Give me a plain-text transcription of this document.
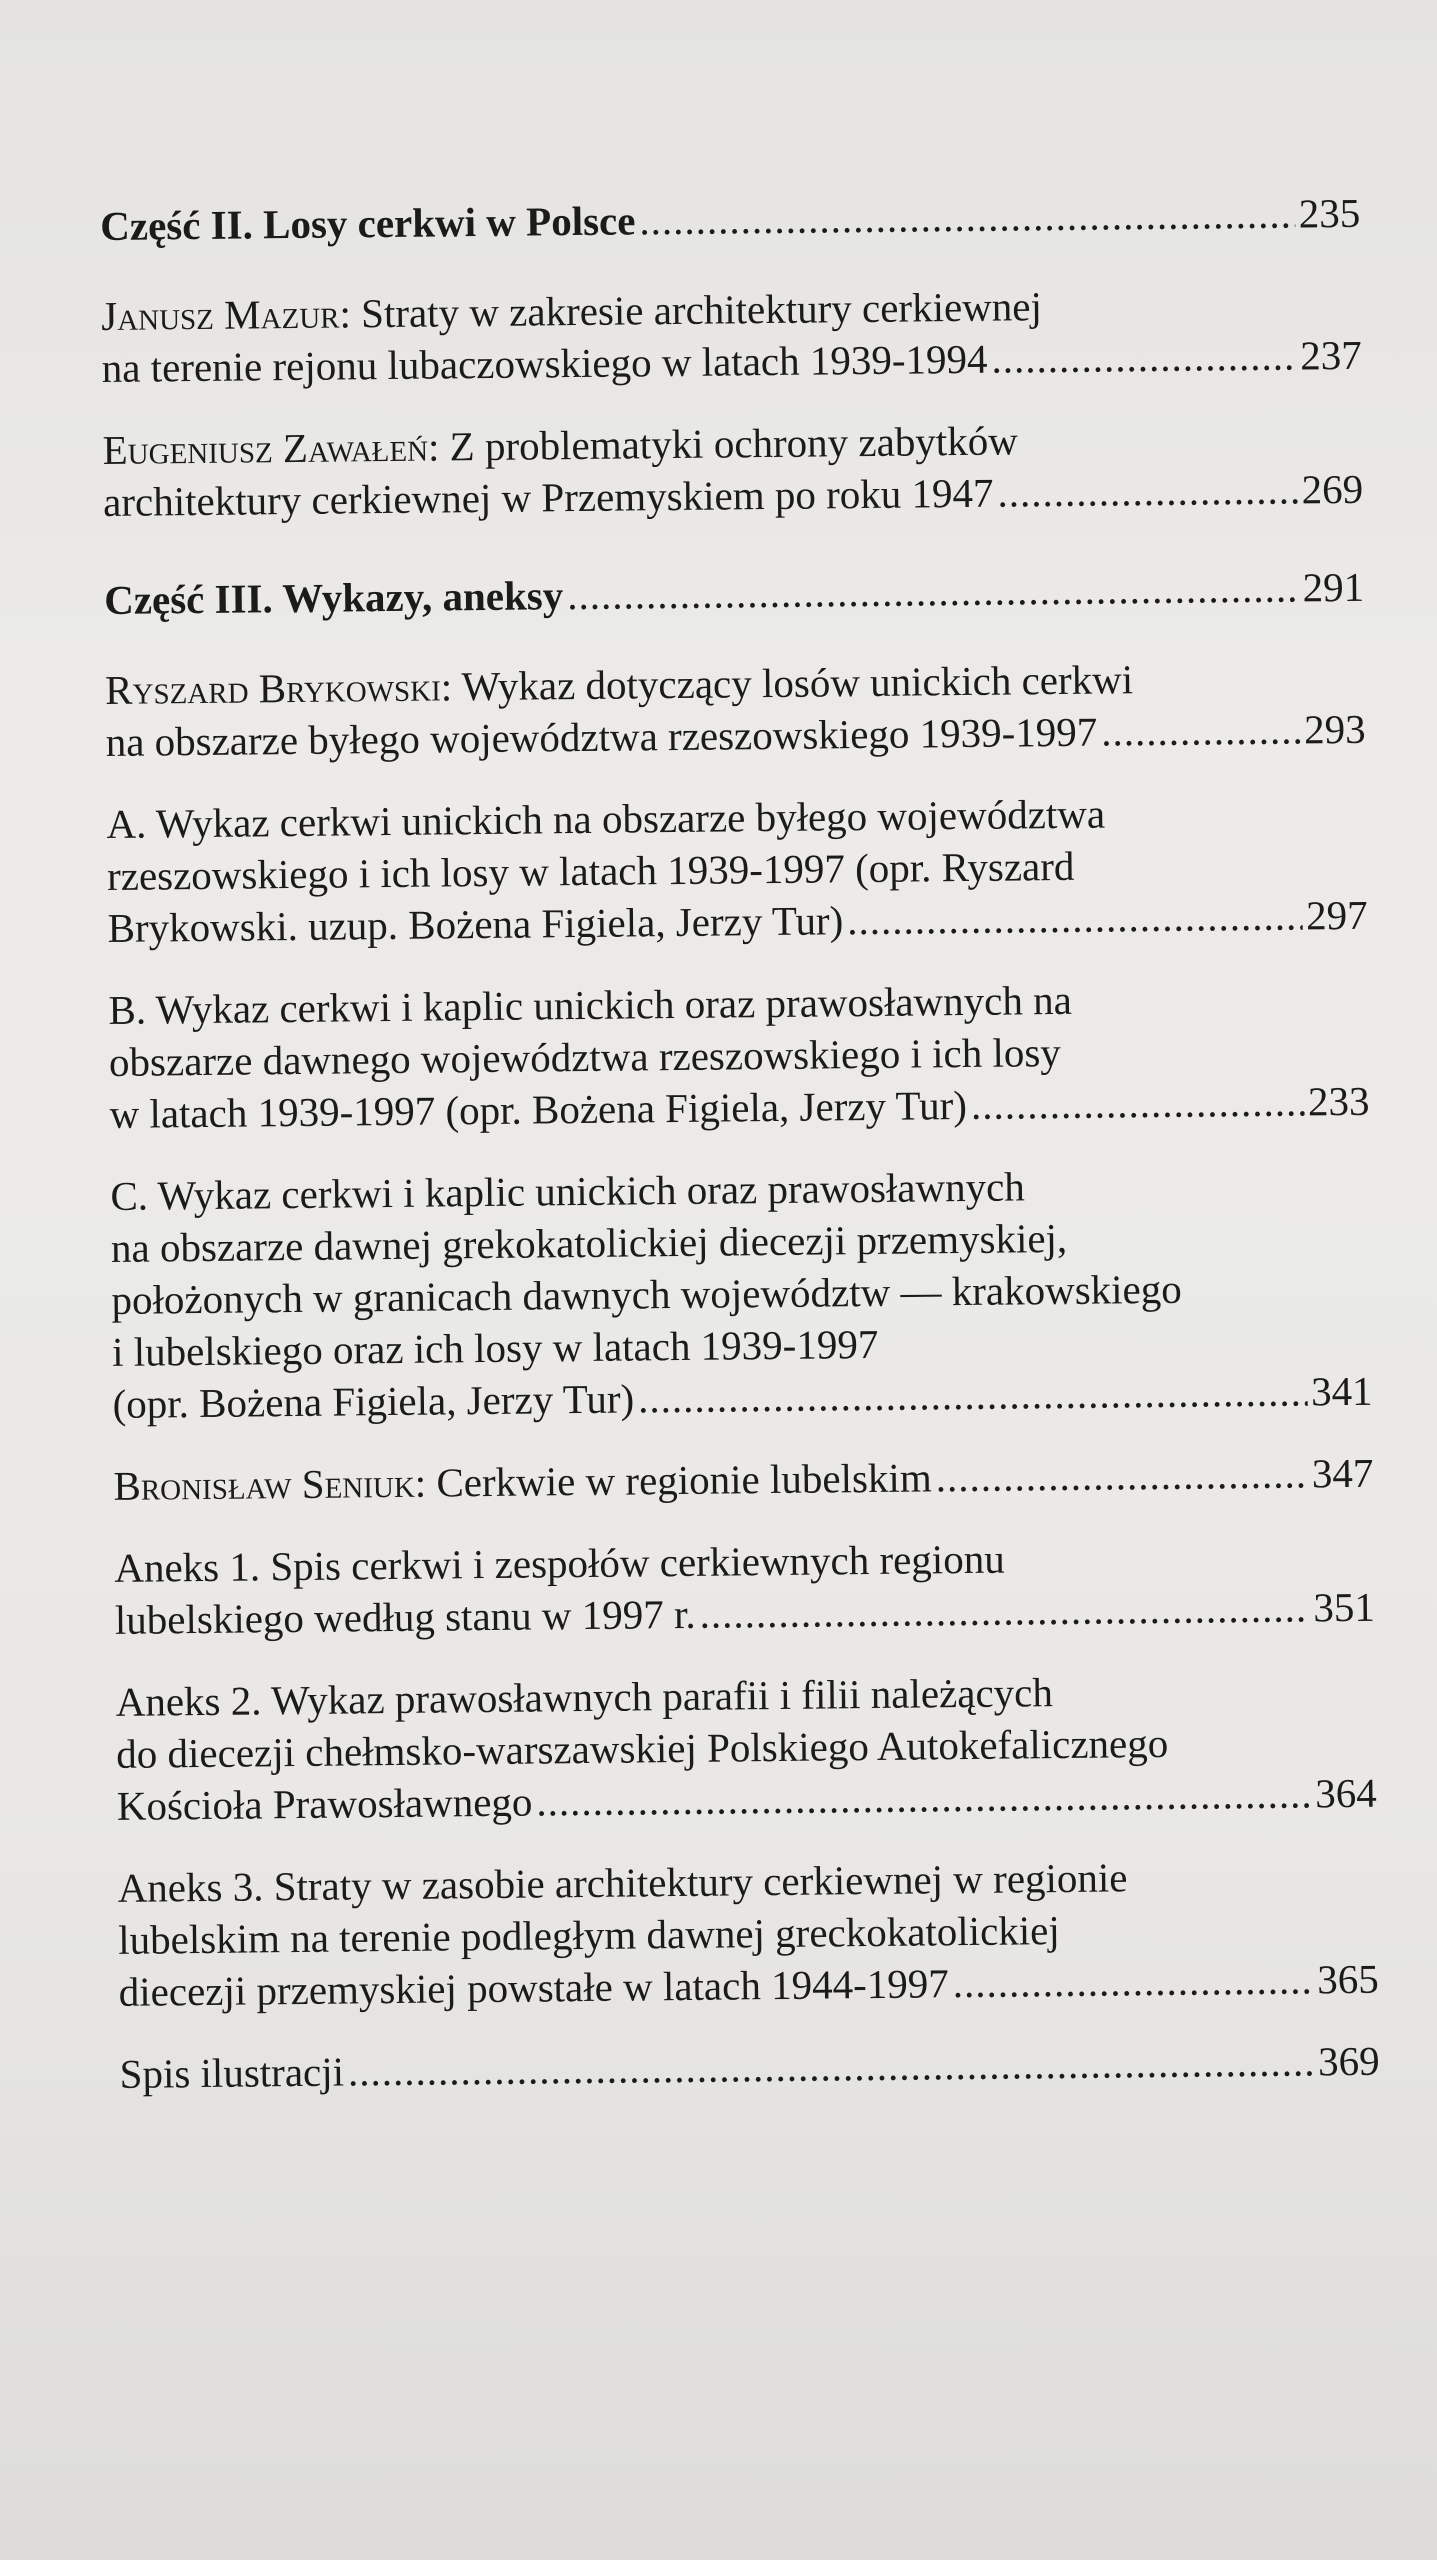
Część II. Losy cerkwi w Polsce .....	235
Janusz Mazur: Straty w zakresie architektury cerkiewnej
na terenie rejonu lubaczowskiego w latach 1939-1994 .....	237
Eugeniusz Zawałeń: Z problematyki ochrony zabytków
architektury cerkiewnej w Przemyskiem po roku 1947 .....	269
Część III. Wykazy, aneksy .....	291
Ryszard Brykowski: Wykaz dotyczący losów unickich cerkwi
na obszarze byłego województwa rzeszowskiego 1939-1997 .....	293
A. Wykaz cerkwi unickich na obszarze byłego województwa
rzeszowskiego i ich losy w latach 1939-1997 (opr. Ryszard
Brykowski. uzup. Bożena Figiela, Jerzy Tur) .....	297
B. Wykaz cerkwi i kaplic unickich oraz prawosławnych na
obszarze dawnego województwa rzeszowskiego i ich losy
w latach 1939-1997 (opr. Bożena Figiela, Jerzy Tur) .....	233
C. Wykaz cerkwi i kaplic unickich oraz prawosławnych
na obszarze dawnej grekokatolickiej diecezji przemyskiej,
położonych w granicach dawnych województw — krakowskiego
i lubelskiego oraz ich losy w latach 1939-1997
(opr. Bożena Figiela, Jerzy Tur) .....	341
Bronisław Seniuk: Cerkwie w regionie lubelskim .....	347
Aneks 1. Spis cerkwi i zespołów cerkiewnych regionu
lubelskiego według stanu w 1997 r. .....	351
Aneks 2. Wykaz prawosławnych parafii i filii należących
do diecezji chełmsko-warszawskiej Polskiego Autokefalicznego
Kościoła Prawosławnego .....	364
Aneks 3. Straty w zasobie architektury cerkiewnej w regionie
lubelskim na terenie podległym dawnej greckokatolickiej
diecezji przemyskiej powstałe w latach 1944-1997 .....	365
Spis ilustracji .....	369
